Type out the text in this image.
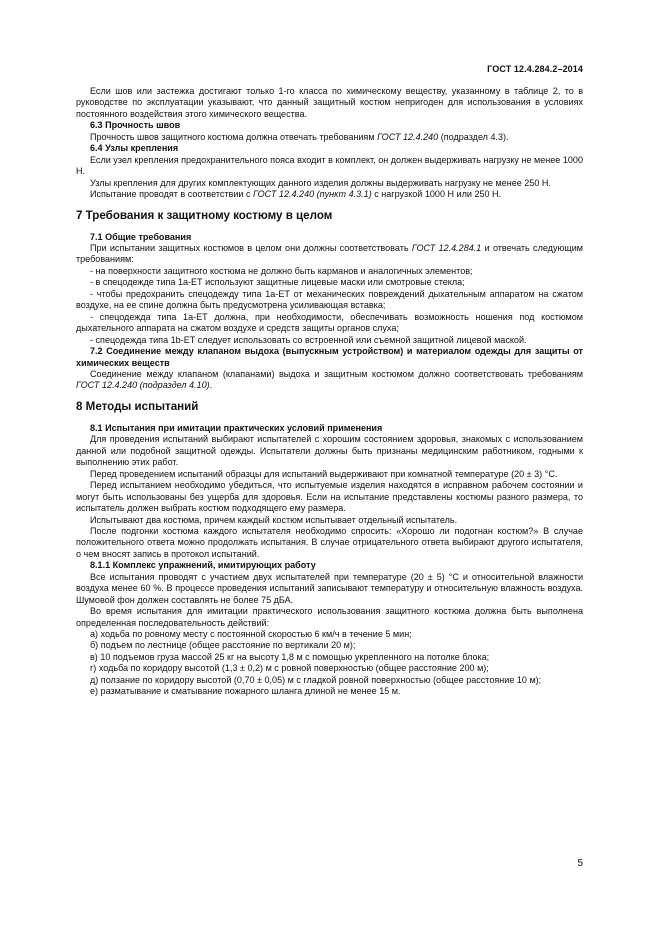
ГОСТ 12.4.284.2–2014

Если шов или застежка достигают только 1-го класса по химическому веществу, указанному в таблице 2, то в руководстве по эксплуатации указывают, что данный защитный костюм непригоден для использования в условиях постоянного воздействия этого химического вещества.

6.3 Прочность швов

Прочность швов защитного костюма должна отвечать требованиям ГОСТ 12.4.240 (подраздел 4.3).

6.4 Узлы крепления

Если узел крепления предохранительного пояса входит в комплект, он должен выдерживать нагрузку не менее 1000 Н.

Узлы крепления для других комплектующих данного изделия должны выдерживать нагрузку не менее 250 Н.

Испытание проводят в соответствии с ГОСТ 12.4.240 (пункт 4.3.1) с нагрузкой 1000 Н или 250 Н.

7 Требования к защитному костюму в целом
7.1 Общие требования

При испытании защитных костюмов в целом они должны соответствовать ГОСТ 12.4.284.1 и отвечать следующим требованиям:

- на поверхности защитного костюма не должно быть карманов и аналогичных элементов;

- в спецодежде типа 1а-ЕТ используют защитные лицевые маски или смотровые стекла;

- чтобы предохранить спецодежду типа 1а-ЕТ от механических повреждений дыхательным аппаратом на сжатом воздухе, на ее спине должна быть предусмотрена усиливающая вставка;

- спецодежда типа 1а-ЕТ должна, при необходимости, обеспечивать возможность ношения под костюмом дыхательного аппарата на сжатом воздухе и средств защиты органов слуха;

- спецодежда типа 1b-ЕТ следует использовать со встроенной или съемной защитной лицевой маской.

7.2 Соединение между клапаном выдоха (выпускным устройством) и материалом одежды для защиты от химических веществ

Соединение между клапаном (клапанами) выдоха и защитным костюмом должно соответствовать требованиям ГОСТ 12.4.240 (подраздел 4.10).

8 Методы испытаний
8.1 Испытания при имитации практических условий применения

Для проведения испытаний выбирают испытателей с хорошим состоянием здоровья, знакомых с использованием данной или подобной защитной одежды. Испытатели должны быть признаны медицинским работником, годными к выполнению этих работ.

Перед проведением испытаний образцы для испытаний выдерживают при комнатной температуре (20 ± 3) °С.

Перед испытанием необходимо убедиться, что испытуемые изделия находятся в исправном рабочем состоянии и могут быть использованы без ущерба для здоровья. Если на испытание представлены костюмы разного размера, то испытатель должен выбрать костюм подходящего ему размера.

Испытывают два костюма, причем каждый костюм испытывает отдельный испытатель.

После подгонки костюма каждого испытателя необходимо спросить: «Хорошо ли подогнан костюм?» В случае положительного ответа можно продолжать испытания. В случае отрицательного ответа выбирают другого испытателя, о чем вносят запись в протокол испытаний.

8.1.1 Комплекс упражнений, имитирующих работу

Все испытания проводят с участием двух испытателей при температуре (20 ± 5) °С и относительной влажности воздуха менее 60 %. В процессе проведения испытаний записывают температуру и относительную влажность воздуха. Шумовой фон должен составлять не более 75 дБА.

Во время испытания для имитации практического использования защитного костюма должна быть выполнена определенная последовательность действий:

а) ходьба по ровному месту с постоянной скоростью 6 км/ч в течение 5 мин;

б) подъем по лестнице (общее расстояние по вертикали 20 м);

в) 10 подъемов груза массой 25 кг на высоту 1,8 м с помощью укрепленного на потолке блока;

г) ходьба по коридору высотой (1,3 ± 0,2) м с ровной поверхностью (общее расстояние 200 м);

д) ползание по коридору высотой (0,70 ± 0,05) м с гладкой ровной поверхностью (общее расстояние 10 м);

е) разматывание и сматывание пожарного шланга длиной не менее 15 м.

5
